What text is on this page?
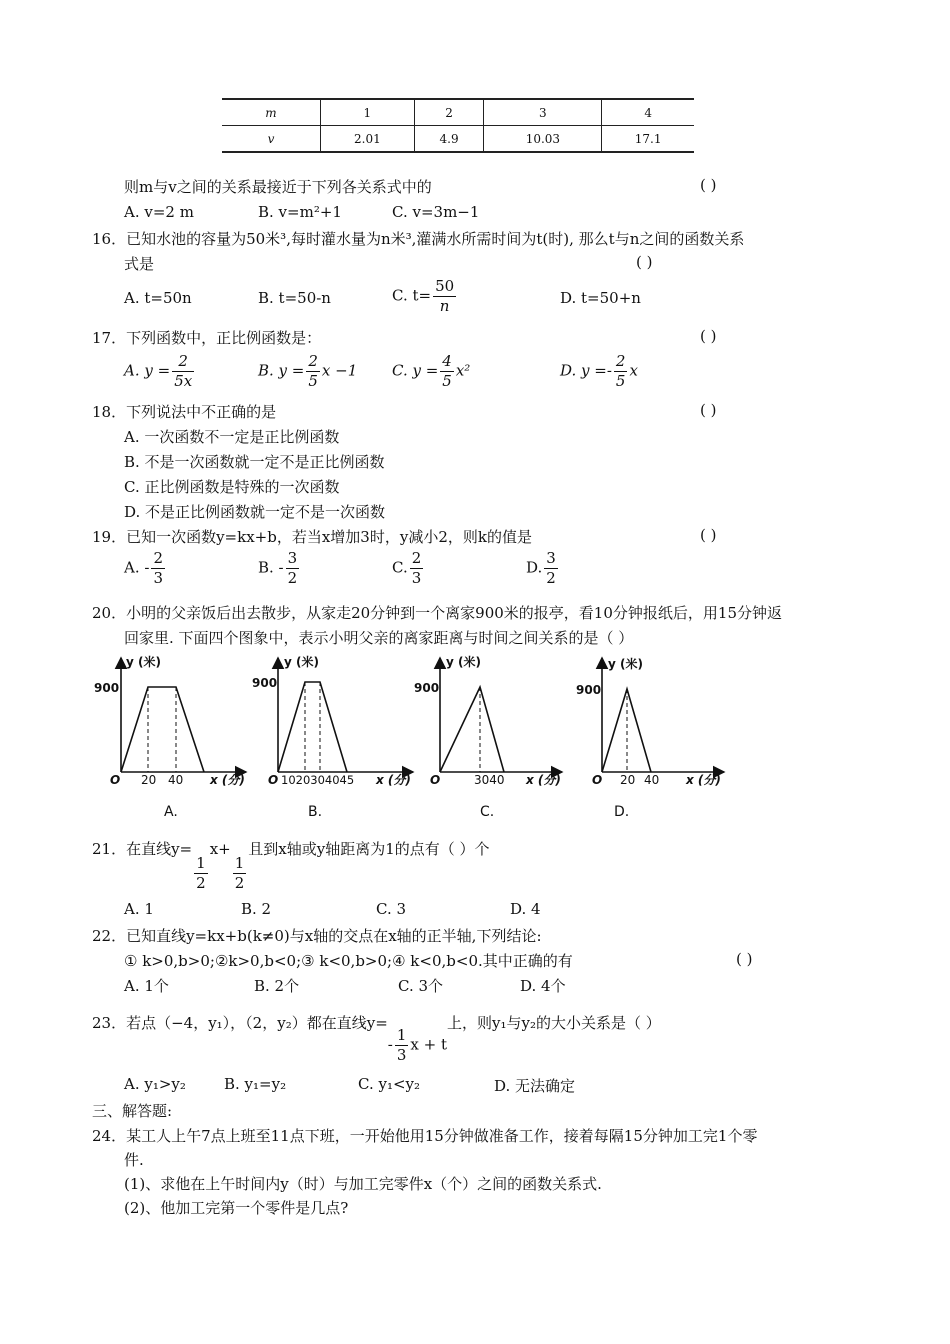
m	1	2	3	4
v	2.01	4.9	10.03	17.1
则m与v之间的关系最接近于下列各关系式中的	( )
A. v=2 m	B. v=m²+1	C. v=3m−1
16．已知水池的容量为50米³,每时灌水量为n米³,灌满水所需时间为t(时), 那么t与n之间的函数关系
式是	( )
A. t=50n	B. t=50-n	C. $t= \frac{50}{n}$	D. t=50+n
17．下列函数中，正比例函数是：	( )
A. $y = \frac{2}{5x}$	B. $y = \frac{2}{5}$ x −1 C. $y = \frac{4}{5} x^2$	D. $y =- \frac{2}{5}$ x
18．下列说法中不正确的是	( )
A. 一次函数不一定是正比例函数
B. 不是一次函数就一定不是正比例函数
C. 正比例函数是特殊的一次函数
D. 不是正比例函数就一定不是一次函数
19．已知一次函数y=kx+b，若当x增加3时，y减小2，则k的值是	( )
A. - $\frac{2}{3}$	B. - $\frac{3}{2}$	C. $\frac{2}{3}$	D. $\frac{3}{2}$
20．小明的父亲饭后出去散步，从家走20分钟到一个离家900米的报亭，看10分钟报纸后，用15分钟返
回家里. 下面四个图象中，表示小明父亲的离家距离与时间之间关系的是（ ）
y (米)
900
O 20 40 x (分)
A.
y (米)
900
O 1020304045 x (分)
B.
y (米)
900
O	3040 x (分)
C.
y (米)
900
O 20 40 x (分)
D.
21．在直线y=
$\frac{1}{2}$
x+
$\frac{1}{2}$
且到x轴或y轴距离为1的点有（ ）个
A. 1	B. 2	C. 3	D. 4
22．已知直线y=kx+b(k≠0)与x轴的交点在x轴的正半轴,下列结论:
① k>0,b>0;②k>0,b<0;③ k<0,b>0;④ k<0,b<0.其中正确的有	( )
A. 1个	B. 2个	C. 3个	D. 4个
23．若点（−4，y₁），（2，y₂）都在直线$y=- \frac{1}{3}$ x + t上，则y₁与y₂的大小关系是（ ）
A. y₁>y₂	B. y₁=y₂	C. y₁<y₂	D. 无法确定
三、解答题:
24．某工人上午7点上班至11点下班，一开始他用15分钟做准备工作，接着每隔15分钟加工完1个零
件.
(1)、求他在上午时间内y（时）与加工完零件x（个）之间的函数关系式.
(2)、他加工完第一个零件是几点?
